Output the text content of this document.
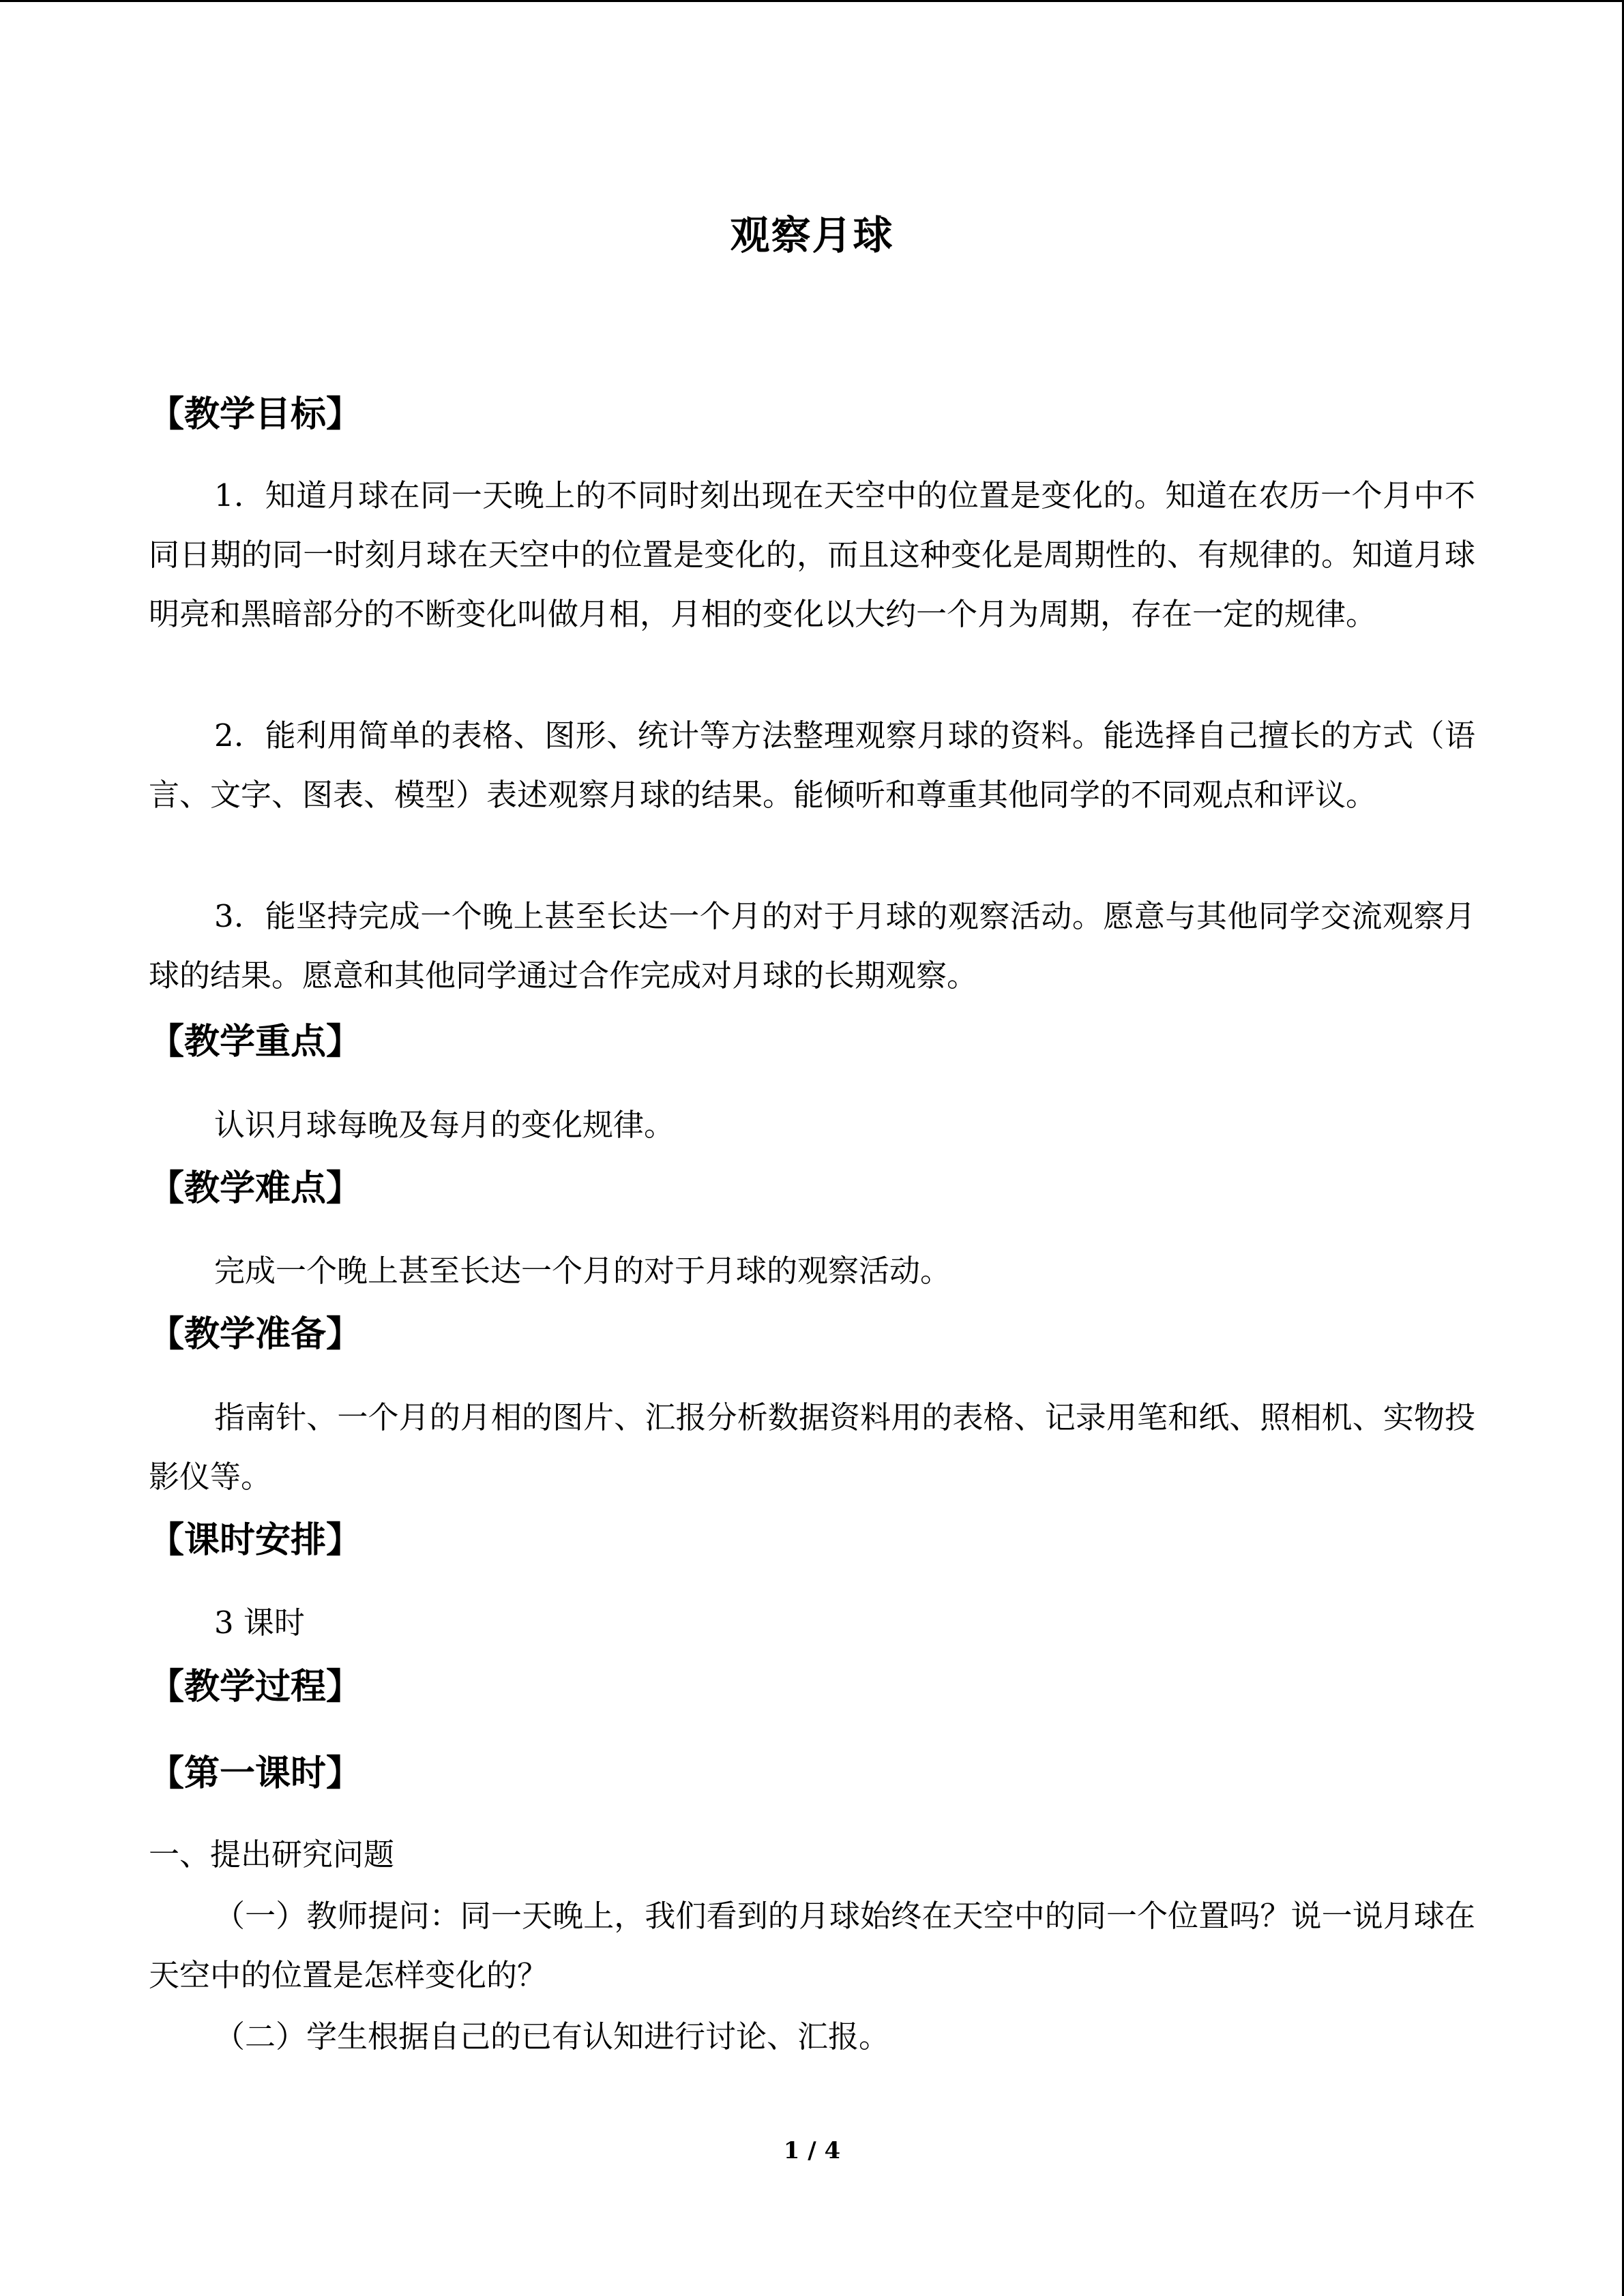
观察月球
【教学目标】

1．知道月球在同一天晚上的不同时刻出现在天空中的位置是变化的。知道在农历一个月中不同日期的同一时刻月球在天空中的位置是变化的，而且这种变化是周期性的、有规律的。知道月球明亮和黑暗部分的不断变化叫做月相，月相的变化以大约一个月为周期，存在一定的规律。

2．能利用简单的表格、图形、统计等方法整理观察月球的资料。能选择自己擅长的方式（语言、文字、图表、模型）表述观察月球的结果。能倾听和尊重其他同学的不同观点和评议。

3．能坚持完成一个晚上甚至长达一个月的对于月球的观察活动。愿意与其他同学交流观察月球的结果。愿意和其他同学通过合作完成对月球的长期观察。

【教学重点】
认识月球每晚及每月的变化规律。
【教学难点】
完成一个晚上甚至长达一个月的对于月球的观察活动。
【教学准备】

指南针、一个月的月相的图片、汇报分析数据资料用的表格、记录用笔和纸、照相机、实物投影仪等。

【课时安排】
3 课时
【教学过程】
【第一课时】
一、提出研究问题

（一）教师提问：同一天晚上，我们看到的月球始终在天空中的同一个位置吗？说一说月球在天空中的位置是怎样变化的？

（二）学生根据自己的已有认知进行讨论、汇报。

1 / 4
